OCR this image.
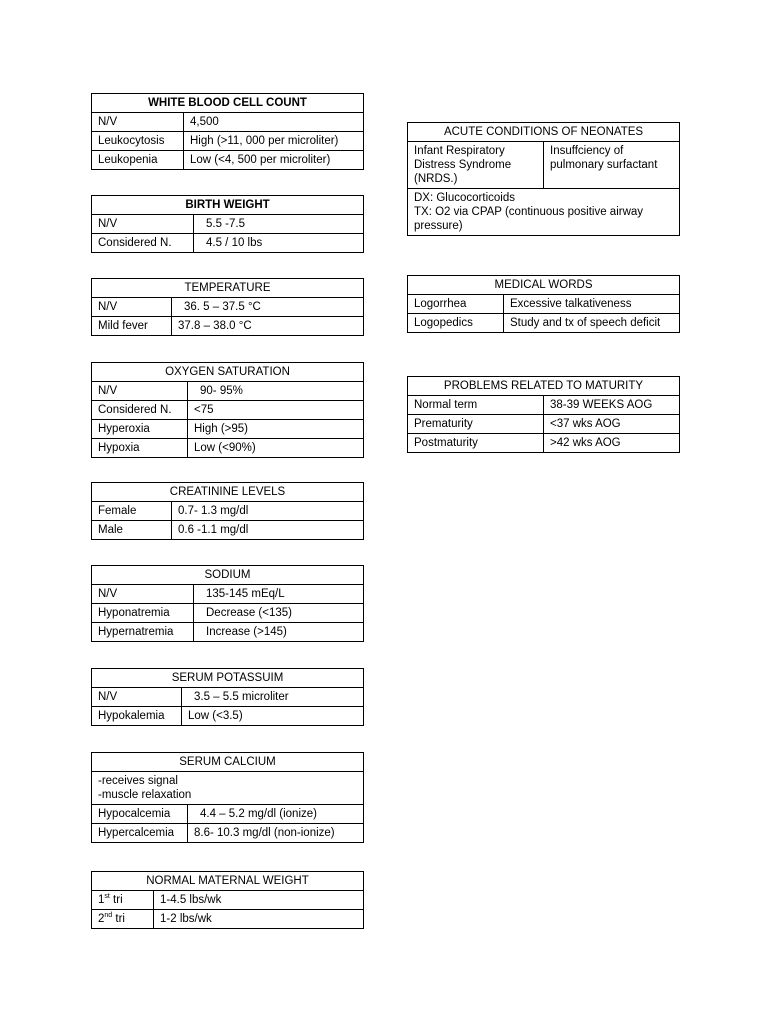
WHITE BLOOD CELL COUNT	
N/V	4,500
Leukocytosis	High (>11, 000 per microliter)
Leukopenia	Low (<4, 500 per microliter)
BIRTH WEIGHT	
N/V	5.5 -7.5
Considered N.	4.5 / 10 lbs
TEMPERATURE	
N/V	36. 5 – 37.5 °C
Mild fever	37.8 – 38.0 °C
OXYGEN SATURATION	
N/V	90- 95%
Considered N.	<75
Hyperoxia	High (>95)
Hypoxia	Low (<90%)
CREATININE LEVELS	
Female	0.7- 1.3 mg/dl
Male	0.6 -1.1 mg/dl
SODIUM	
N/V	135-145 mEq/L
Hyponatremia	Decrease (<135)
Hypernatremia	Increase (>145)
SERUM POTASSUIM	
N/V	3.5 – 5.5 microliter
Hypokalemia	Low (<3.5)
SERUM CALCIUM	

-receives signal
-muscle relaxation	

Hypocalcemia	4.4 – 5.2 mg/dl (ionize)
Hypercalcemia	8.6- 10.3 mg/dl (non-ionize)
NORMAL MATERNAL WEIGHT	
1st tri	1-4.5 lbs/wk
2nd tri	1-2 lbs/wk
ACUTE CONDITIONS OF NEONATES
Infant Respiratory Distress Syndrome (NRDS.)	Insuffciency of pulmonary surfactant

DX: Glucocorticoids
TX: O2 via CPAP (continuous positive airway pressure)
MEDICAL WORDS	
Logorrhea	Excessive talkativeness
Logopedics	Study and tx of speech deficit
PROBLEMS RELATED TO MATURITY	
Normal term	38-39 WEEKS AOG
Prematurity	<37 wks AOG
Postmaturity	>42 wks AOG
